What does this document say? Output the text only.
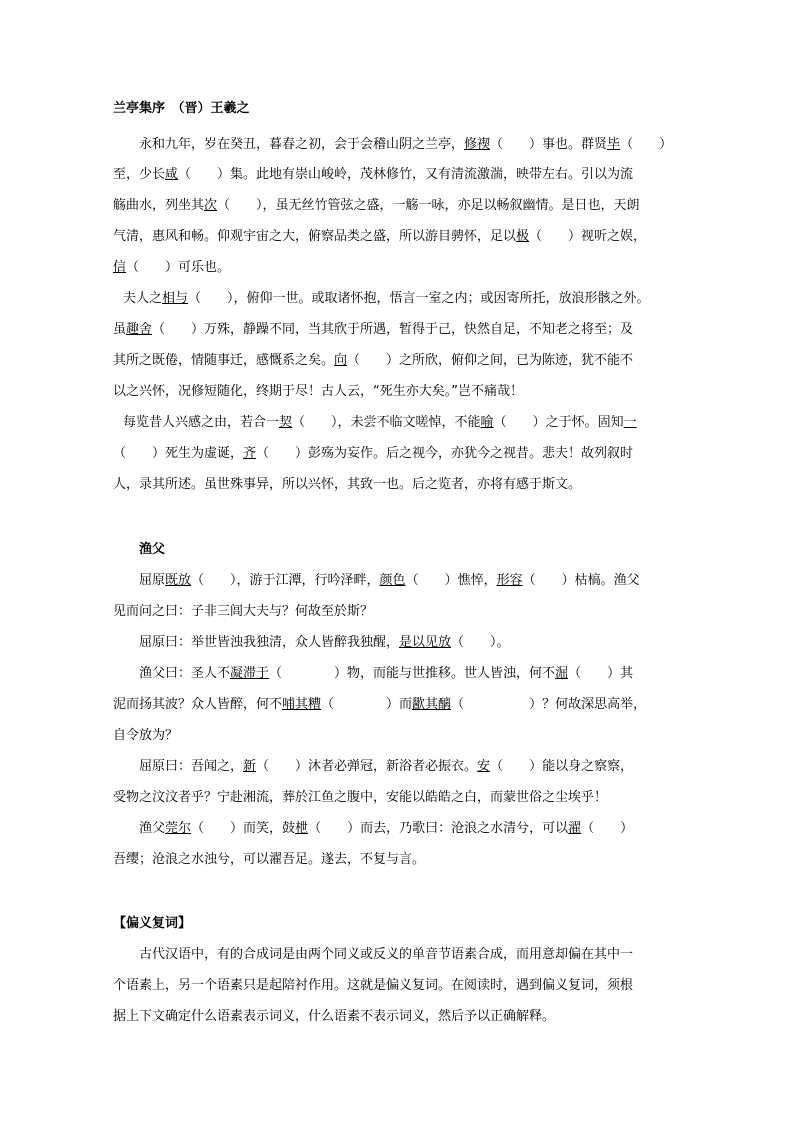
兰亭集序　（晋）王羲之
永和九年，岁在癸丑，暮春之初，会于会稽山阴之兰亭，修禊（　　）事也。群贤毕（　　）
至，少长咸（　　）集。此地有崇山峻岭，茂林修竹，又有清流激湍，映带左右。引以为流
觞曲水，列坐其次（　　），虽无丝竹管弦之盛，一觞一咏，亦足以畅叙幽情。是日也，天朗
气清，惠风和畅。仰观宇宙之大，俯察品类之盛，所以游目骋怀，足以极（　　）视听之娱，
信（　　）可乐也。
夫人之相与（　　），俯仰一世。或取诸怀抱，悟言一室之内；或因寄所托，放浪形骸之外。
虽趣舍（　　）万殊，静躁不同，当其欣于所遇，暂得于己，快然自足，不知老之将至；及
其所之既倦，情随事迁，感慨系之矣。向（　　）之所欣，俯仰之间，已为陈迹，犹不能不
以之兴怀，况修短随化，终期于尽！古人云，“死生亦大矣。”岂不痛哉！
每览昔人兴感之由，若合一契（　　），未尝不临文嗟悼，不能喻（　　）之于怀。固知一
（　　）死生为虚诞，齐（　　）彭殇为妄作。后之视今，亦犹今之视昔。悲夫！故列叙时
人，录其所述。虽世殊事异，所以兴怀，其致一也。后之览者，亦将有感于斯文。
渔父
屈原既放（　　），游于江潭，行吟泽畔，颜色（　　）憔悴，形容（　　）枯槁。渔父
见而问之曰：子非三闾大夫与？何故至於斯？
屈原曰：举世皆浊我独清，众人皆醉我独醒，是以见放（　　）。
渔父曰：圣人不凝滞于（　　　　）物，而能与世推移。世人皆浊，何不淈（　　）其
泥而扬其波？众人皆醉，何不哺其糟（　　　　）而歠其醨（　　　　　）？何故深思高举，
自令放为？
屈原曰：吾闻之，新（　　）沐者必弹冠，新浴者必振衣。安（　　）能以身之察察，
受物之汶汶者乎？宁赴湘流，葬於江鱼之腹中，安能以皓皓之白，而蒙世俗之尘埃乎！
渔父莞尔（　　）而笑，鼓枻（　　）而去，乃歌曰：沧浪之水清兮，可以濯（　　）
吾缨；沧浪之水浊兮，可以濯吾足。遂去，不复与言。
【偏义复词】
古代汉语中，有的合成词是由两个同义或反义的单音节语素合成，而用意却偏在其中一
个语素上，另一个语素只是起陪衬作用。这就是偏义复词。在阅读时，遇到偏义复词，须根
据上下文确定什么语素表示词义，什么语素不表示词义，然后予以正确解释。
